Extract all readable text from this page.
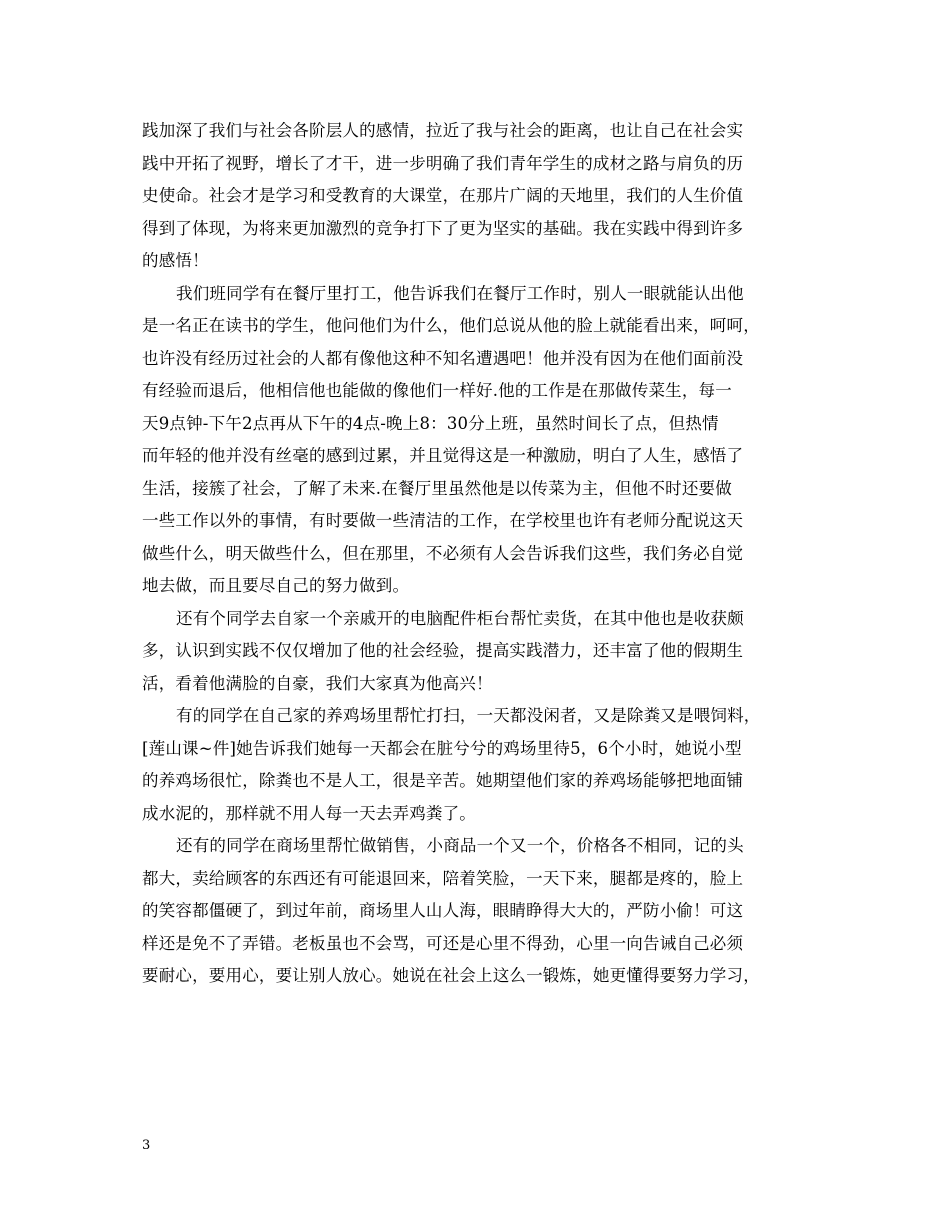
践加深了我们与社会各阶层人的感情，拉近了我与社会的距离，也让自己在社会实
践中开拓了视野，增长了才干，进一步明确了我们青年学生的成材之路与肩负的历
史使命。社会才是学习和受教育的大课堂，在那片广阔的天地里，我们的人生价值
得到了体现，为将来更加激烈的竞争打下了更为坚实的基础。我在实践中得到许多
的感悟！
我们班同学有在餐厅里打工，他告诉我们在餐厅工作时，别人一眼就能认出他
是一名正在读书的学生，他问他们为什么，他们总说从他的脸上就能看出来，呵呵，
也许没有经历过社会的人都有像他这种不知名遭遇吧！他并没有因为在他们面前没
有经验而退后，他相信他也能做的像他们一样好.他的工作是在那做传菜生，每一
天9点钟-下午2点再从下午的4点-晚上8：30分上班，虽然时间长了点，但热情
而年轻的他并没有丝毫的感到过累，并且觉得这是一种激励，明白了人生，感悟了
生活，接簇了社会，了解了未来.在餐厅里虽然他是以传菜为主，但他不时还要做
一些工作以外的事情，有时要做一些清洁的工作，在学校里也许有老师分配说这天
做些什么，明天做些什么，但在那里，不必须有人会告诉我们这些，我们务必自觉
地去做，而且要尽自己的努力做到。
还有个同学去自家一个亲戚开的电脑配件柜台帮忙卖货，在其中他也是收获颇
多，认识到实践不仅仅增加了他的社会经验，提高实践潜力，还丰富了他的假期生
活，看着他满脸的自豪，我们大家真为他高兴！
有的同学在自己家的养鸡场里帮忙打扫，一天都没闲者，又是除粪又是喂饲料，
[莲山课~件]她告诉我们她每一天都会在脏兮兮的鸡场里待5，6个小时，她说小型
的养鸡场很忙，除粪也不是人工，很是辛苦。她期望他们家的养鸡场能够把地面铺
成水泥的，那样就不用人每一天去弄鸡粪了。
还有的同学在商场里帮忙做销售，小商品一个又一个，价格各不相同，记的头
都大，卖给顾客的东西还有可能退回来，陪着笑脸，一天下来，腿都是疼的，脸上
的笑容都僵硬了，到过年前，商场里人山人海，眼睛睁得大大的，严防小偷！可这
样还是免不了弄错。老板虽也不会骂，可还是心里不得劲，心里一向告诫自己必须
要耐心，要用心，要让别人放心。她说在社会上这么一锻炼，她更懂得要努力学习，
3
